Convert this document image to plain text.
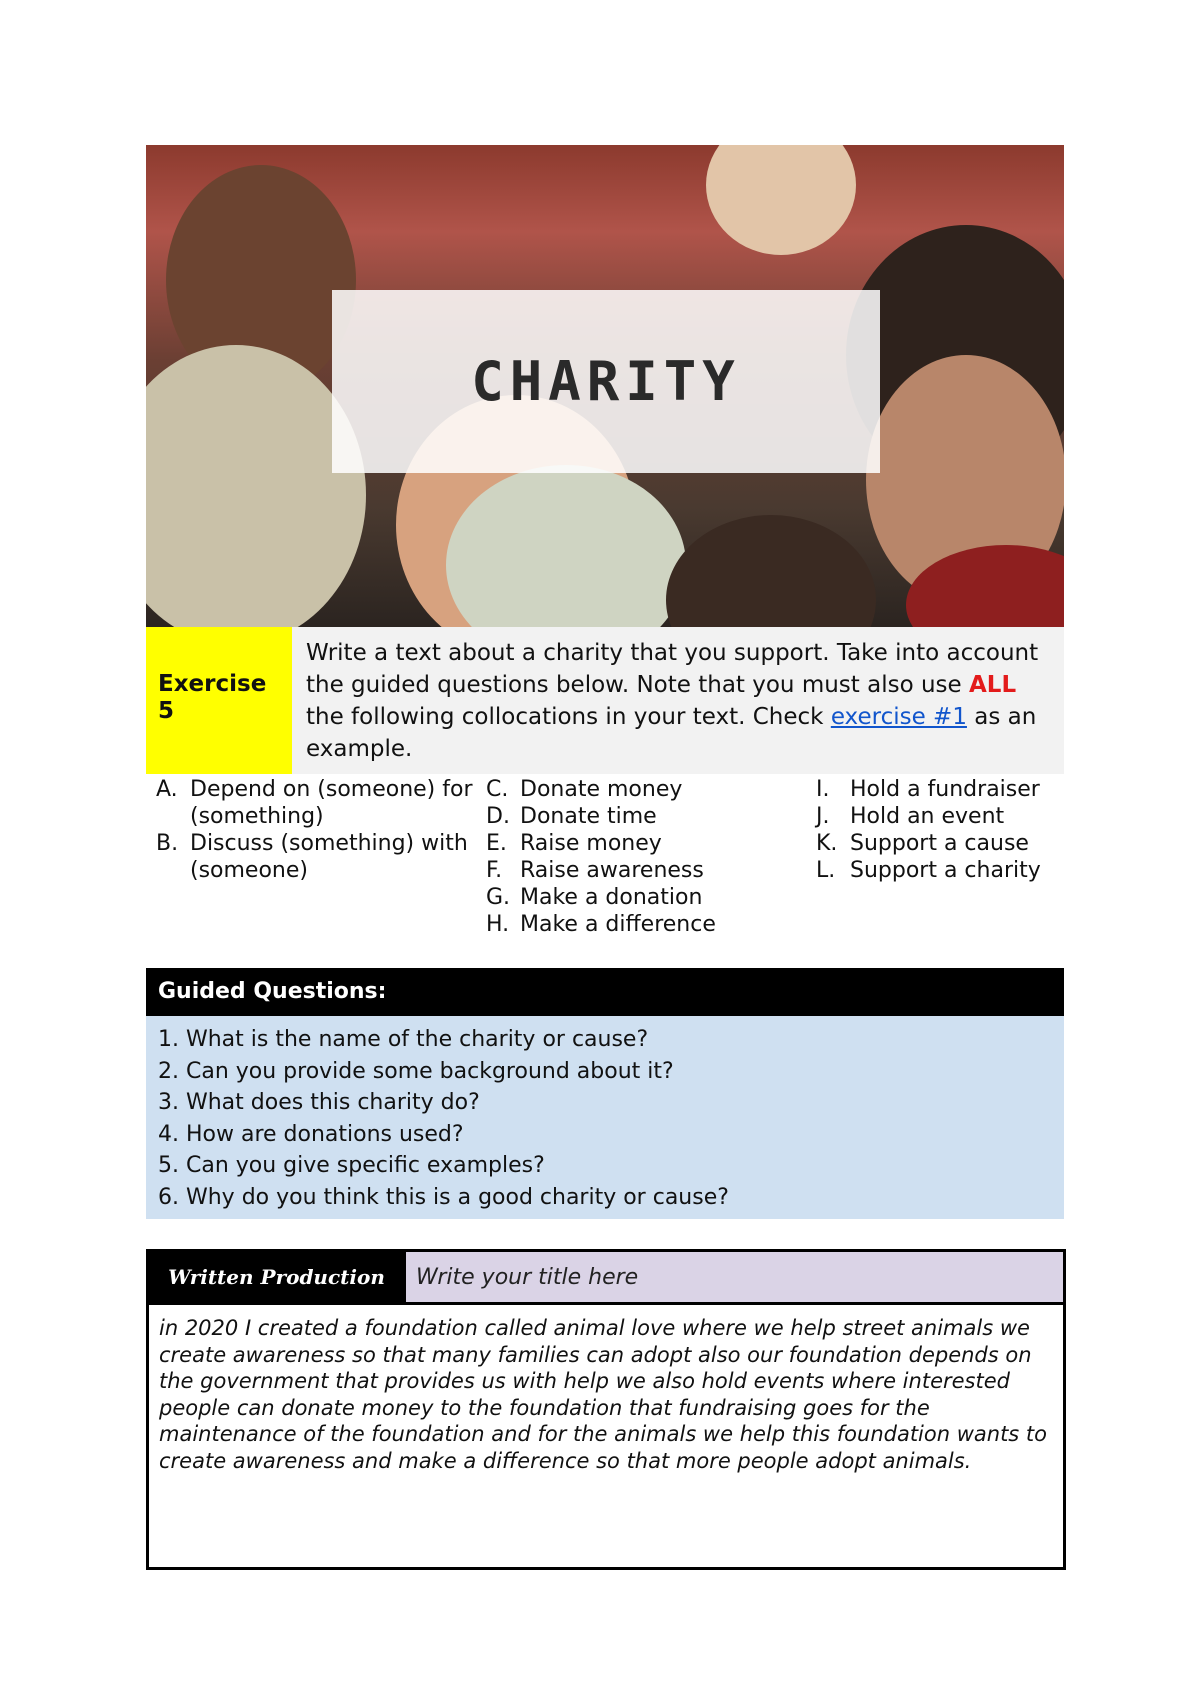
CHARITY
Exercise 5
Write a text about a charity that you support. Take into account the guided questions below. Note that you must also use ALL the following collocations in your text. Check exercise #1 as an example.
A. Depend on (someone) for (something)
B. Discuss (something) with (someone)
C. Donate money
D. Donate time
E. Raise money
F. Raise awareness
G. Make a donation
H. Make a difference
I. Hold a fundraiser
J. Hold an event
K. Support a cause
L. Support a charity
Guided Questions:
1. What is the name of the charity or cause?
2. Can you provide some background about it?
3. What does this charity do?
4. How are donations used?
5. Can you give specific examples?
6. Why do you think this is a good charity or cause?
Written Production	Write your title here
in 2020 I created a foundation called animal love where we help street animals we create awareness so that many families can adopt also our foundation depends on the government that provides us with help we also hold events where interested people can donate money to the foundation that fundraising goes for the maintenance of the foundation and for the animals we help this foundation wants to create awareness and make a difference so that more people adopt animals.
